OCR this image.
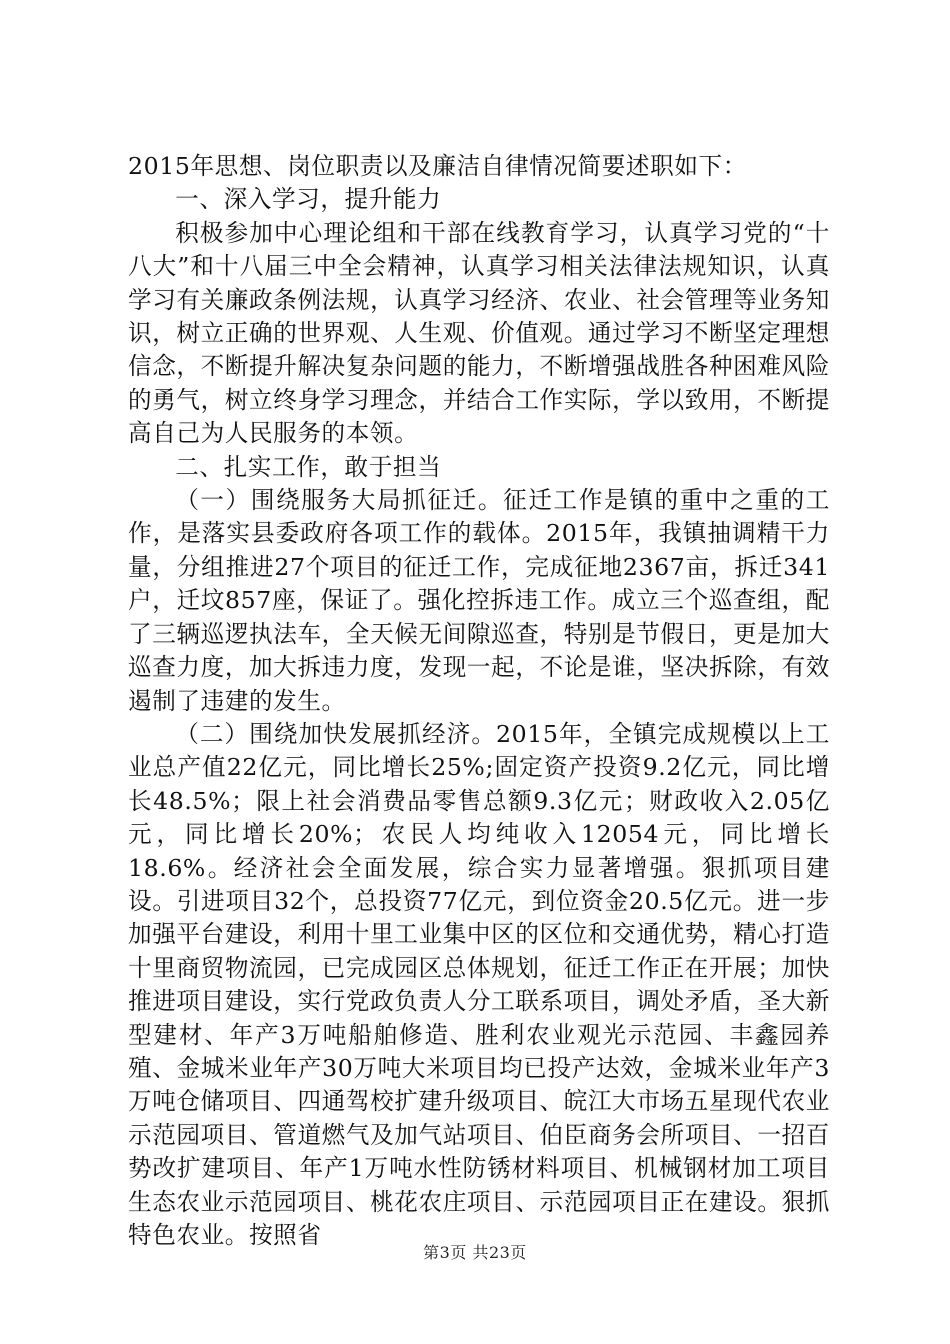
2015年思想、岗位职责以及廉洁自律情况简要述职如下：

一、深入学习，提升能力

积极参加中心理论组和干部在线教育学习，认真学习党的“十八大”和十八届三中全会精神，认真学习相关法律法规知识，认真学习有关廉政条例法规，认真学习经济、农业、社会管理等业务知识，树立正确的世界观、人生观、价值观。通过学习不断坚定理想信念，不断提升解决复杂问题的能力，不断增强战胜各种困难风险的勇气，树立终身学习理念，并结合工作实际，学以致用，不断提高自己为人民服务的本领。

二、扎实工作，敢于担当

（一）围绕服务大局抓征迁。征迁工作是镇的重中之重的工作，是落实县委政府各项工作的载体。2015年，我镇抽调精干力量，分组推进27个项目的征迁工作，完成征地2367亩，拆迁341户，迁坟857座，保证了。强化控拆违工作。成立三个巡查组，配了三辆巡逻执法车，全天候无间隙巡查，特别是节假日，更是加大巡查力度，加大拆违力度，发现一起，不论是谁，坚决拆除，有效遏制了违建的发生。

（二）围绕加快发展抓经济。2015年，全镇完成规模以上工业总产值22亿元，同比增长25%;固定资产投资9.2亿元，同比增长48.5%；限上社会消费品零售总额9.3亿元；财政收入2.05亿元，同比增长20%；农民人均纯收入12054元，同比增长18.6%。经济社会全面发展，综合实力显著增强。狠抓项目建设。引进项目32个，总投资77亿元，到位资金20.5亿元。进一步加强平台建设，利用十里工业集中区的区位和交通优势，精心打造十里商贸物流园，已完成园区总体规划，征迁工作正在开展；加快推进项目建设，实行党政负责人分工联系项目，调处矛盾，圣大新型建材、年产3万吨船舶修造、胜利农业观光示范园、丰鑫园养殖、金城米业年产30万吨大米项目均已投产达效，金城米业年产3万吨仓储项目、四通驾校扩建升级项目、皖江大市场五星现代农业示范园项目、管道燃气及加气站项目、伯臣商务会所项目、一招百势改扩建项目、年产1万吨水性防锈材料项目、机械钢材加工项目生态农业示范园项目、桃花农庄项目、示范园项目正在建设。狠抓特色农业。按照省

第3页 共23页
